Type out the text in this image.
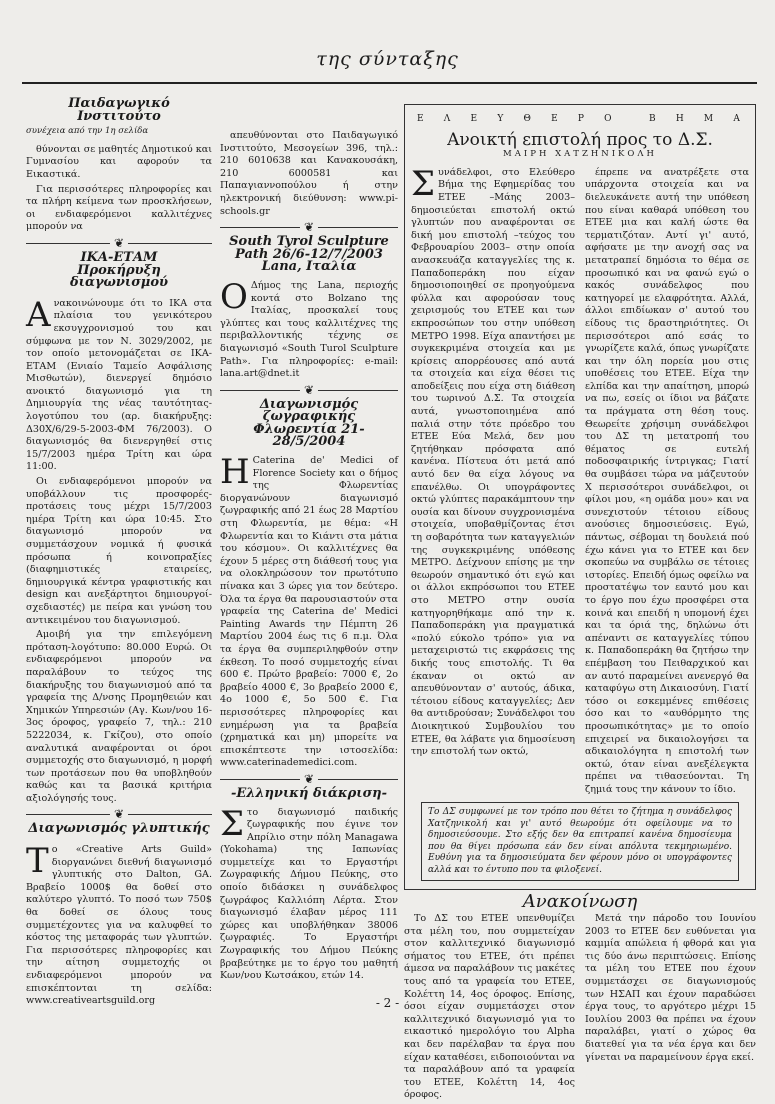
της σύνταξης
Παιδαγωγικό Ινστιτούτο
συνέχεια από την 1η σελίδα

θύνονται σε μαθητές Δημοτικού και Γυμνασίου και αφορούν τα Εικαστικά.

Για περισσότερες πληροφορίες και τα πλήρη κείμενα των προσκλήσεων, οι ενδιαφερόμενοι καλλιτέχνες μπορούν να

❦
ΙΚΑ-ΕΤΑΜ
Προκήρυξη διαγωνισμού

Ανακοινώνουμε ότι το ΙΚΑ στα πλαίσια του γενικότερου εκσυγχρονισμού του και σύμφωνα με τον Ν. 3029/2002, με τον οποίο μετονομάζεται σε ΙΚΑ-ΕΤΑΜ (Ενιαίο Ταμείο Ασφάλισης Μισθωτών), διενεργεί δημόσιο ανοικτό διαγωνισμό για τη Δημιουργία της νέας ταυτότητας-λογοτύπου του (αρ. διακήρυξης: Δ30Χ/6/29-5-2003-ΦΜ 76/2003). Ο διαγωνισμός θα διενεργηθεί στις 15/7/2003 ημέρα Τρίτη και ώρα 11:00.

Οι ενδιαφερόμενοι μπορούν να υποβάλλουν τις προσφορές-προτάσεις τους μέχρι 15/7/2003 ημέρα Τρίτη και ώρα 10:45. Στο διαγωνισμό μπορούν να συμμετάσχουν νομικά ή φυσικά πρόσωπα ή κοινοπραξίες (διαφημιστικές εταιρείες, δημιουργικά κέντρα γραφιστικής και design και ανεξάρτητοι δημιουργοί-σχεδιαστές) με πείρα και γνώση του αντικειμένου του διαγωνισμού.

Αμοιβή για την επιλεγόμενη πρόταση-λογότυπο: 80.000 Ευρώ. Οι ενδιαφερόμενοι μπορούν να παραλάβουν το τεύχος της διακήρυξης του διαγωνισμού από τα γραφεία της Δ/νσης Προμηθειών και Χημικών Υπηρεσιών (Αγ. Κων/νου 16-3ος όροφος, γραφείο 7, τηλ.: 210 5222034, κ. Γκίζου), στο οποίο αναλυτικά αναφέρονται οι όροι συμμετοχής στο διαγωνισμό, η μορφή των προτάσεων που θα υποβληθούν καθώς και τα βασικά κριτήρια αξιολόγησής τους.

❦
Διαγωνισμός γλυπτικής

Το «Creative Arts Guild» διοργανώνει διεθνή διαγωνισμό γλυπτικής στο Dalton, GA. Βραβείο 1000$ θα δοθεί στο καλύτερο γλυπτό. Το ποσό των 750$ θα δοθεί σε όλους τους συμμετέχοντες για να καλυφθεί το κόστος της μεταφοράς των γλυπτών. Για περισσότερες πληροφορίες και την αίτηση συμμετοχής οι ενδιαφερόμενοι μπορούν να επισκέπτονται τη σελίδα: www.creativeartsguild.org

απευθύνονται στο Παιδαγωγικό Ινστιτούτο, Μεσογείων 396, τηλ.: 210 6010638 και Κανακουσάκη, 210 6000581 και Παπαγιαννοπούλου ή στην ηλεκτρονική διεύθυνση: www.pi-schools.gr

❦
South Tyrol Sculpture Path 26/6-12/7/2003 Lana, Ιταλία

Ο Δήμος της Lana, περιοχής κοντά στο Bolzano της Ιταλίας, προσκαλεί τους γλύπτες και τους καλλιτέχνες της περιβαλλοντικής τέχνης σε διαγωνισμό «South Turol Sculpture Path». Για πληροφορίες: e-mail: lana.art@dnet.it

❦
Διαγωνισμός ζωγραφικής Φλωρεντία 21-28/5/2004

H Caterina de' Medici of Florence Society και ο δήμος της Φλωρεντίας διοργανώνουν διαγωνισμό ζωγραφικής από 21 έως 28 Μαρτίου στη Φλωρεντία, με θέμα: «Η Φλωρεντία και το Κιάντι στα μάτια του κόσμου». Οι καλλιτέχνες θα έχουν 5 μέρες στη διάθεσή τους για να ολοκληρώσουν τον πρωτότυπο πίνακα και 3 ώρες για τον δεύτερο. Όλα τα έργα θα παρουσιαστούν στα γραφεία της Caterina de' Medici Painting Awards την Πέμπτη 26 Μαρτίου 2004 έως τις 6 π.μ. Όλα τα έργα θα συμπεριληφθούν στην έκθεση. Το ποσό συμμετοχής είναι 600 €. Πρώτο βραβείο: 7000 €, 2ο βραβείο 4000 €, 3ο βραβείο 2000 €, 4ο 1000 €, 5ο 500 €. Για περισσότερες πληροφορίες και ενημέρωση για τα βραβεία (χρηματικά και μη) μπορείτε να επισκέπτεστε την ιστοσελίδα: www.caterinademedici.com.

❦
-Ελληνική διάκριση-

Στο διαγωνισμό παιδικής ζωγραφικής που έγινε τον Απρίλιο στην πόλη Managawa (Yokohama) της Ιαπωνίας συμμετείχε και το Εργαστήρι Ζωγραφικής Δήμου Πεύκης, στο οποίο διδάσκει η συνάδελφος ζωγράφος Καλλιόπη Λέρτα. Στον διαγωνισμό έλαβαν μέρος 111 χώρες και υποβλήθηκαν 38006 ζωγραφιές. Το Εργαστήρι Ζωγραφικής του Δήμου Πεύκης βραβεύτηκε με το έργο του μαθητή Κων/νου Κωτσάκου, ετών 14.

Ε Λ Ε Υ Θ Ε Ρ Ο	Β Η Μ Α
Ανοικτή επιστολή προς το Δ.Σ.
ΜΑΙΡΗ ΧΑΤΖΗΝΙΚΟΛΗ

Συνάδελφοι, στο Ελεύθερο Βήμα της Εφημερίδας του ΕΤΕΕ –Μάης 2003– δημοσιεύεται επιστολή οκτώ γλυπτών που αναφέρονται σε δική μου επιστολή –τεύχος του Φεβρουαρίου 2003– στην οποία ανασκευάζα καταγγελίες της κ. Παπαδοπεράκη που είχαν δημοσιοποιηθεί σε προηγούμενα φύλλα και αφορούσαν τους χειρισμούς του ΕΤΕΕ και των εκπροσώπων του στην υπόθεση ΜΕΤΡΟ 1998. Είχα απαντήσει με συγκεκριμένα στοιχεία και με κρίσεις απορρέουσες από αυτά τα στοιχεία και είχα θέσει τις αποδείξεις που είχα στη διάθεση του τωρινού Δ.Σ. Τα στοιχεία αυτά, γνωστοποιημένα από παλιά στην τότε πρόεδρο του ΕΤΕΕ Εύα Μελά, δεν μου ζητήθηκαν πρόσφατα από κανένα. Πίστευα ότι μετά από αυτό δεν θα είχα λόγους να επανέλθω. Οι υπογράφοντες οκτώ γλύπτες παρακάμπτουν την ουσία και δίνουν συγχρονισμένα στοιχεία, υποβαθμίζοντας έτσι τη σοβαρότητα των καταγγελιών της συγκεκριμένης υπόθεσης ΜΕΤΡΟ. Δείχνουν επίσης με την θεωρούν σημαντικό ότι εγώ και οι άλλοι εκπρόσωποι του ΕΤΕΕ στο ΜΕΤΡΟ στην ουσία κατηγορηθήκαμε από την κ. Παπαδοπεράκη για πραγματικά «πολύ εύκολο τρόπο» για να μεταχειριστώ τις εκφράσεις της δικής τους επιστολής. Τι θα έκαναν οι οκτώ αν απευθύνονταν σ' αυτούς, άδικα, τέτοιου είδους καταγγελίες; Δεν θα αντιδρούσαν; Συνάδελφοι του Διοικητικού Συμβουλίου του ΕΤΕΕ, θα λάβατε για δημοσίευση την επιστολή των οκτώ,

έπρεπε να ανατρέξετε στα υπάρχοντα στοιχεία και να διελευκάνετε αυτή την υπόθεση που είναι καθαρά υπόθεση του ΕΤΕΕ μια και καλή ώστε θα τερματιζόταν. Αντί γι' αυτό, αφήσατε με την ανοχή σας να μετατραπεί δημόσια το θέμα σε προσωπικό και να φανώ εγώ ο κακός συνάδελφος που κατηγορεί με ελαφρότητα. Αλλά, άλλοι επιδίωκαν σ' αυτού του είδους τις δραστηριότητες. Οι περισσότεροι από εσάς το γνωρίζετε καλά, όπως γνωρίζατε και την όλη πορεία μου στις υποθέσεις του ΕΤΕΕ. Είχα την ελπίδα και την απαίτηση, μπορώ να πω, εσείς οι ίδιοι να βάζατε τα πράγματα στη θέση τους. Θεωρείτε χρήσιμη συνάδελφοι του ΔΣ τη μετατροπή του θέματος σε ευτελή ποδοσφαιρικής ίντριγκας; Γιατί θα συμβάσει τώρα να μάζευτούν Χ περισσότεροι συνάδελφοι, οι φίλοι μου, «η ομάδα μου» και να συνεχιστούν τέτοιου είδους ανούσιες δημοσιεύσεις. Εγώ, πάντως, σέβομαι τη δουλειά πού έχω κάνει για το ΕΤΕΕ και δεν σκοπεύω να συμβάλω σε τέτοιες ιστορίες. Επειδή όμως οφείλω να προστατέψω τον εαυτό μου και το έργο που έχω προσφέρει στα κοινά και επειδή η υπομονή έχει και τα όριά της, δηλώνω ότι απέναντι σε καταγγελίες τύπου κ. Παπαδοπεράκη θα ζητήσω την επέμβαση του Πειθαρχικού και αν αυτό παραμείνει ανενεργό θα καταφύγω στη Δικαιοσύνη. Γιατί τόσο οι εσκεμμένες επιθέσεις όσο και το «αυθόρμητο της προσωπικότητας» με το οποίο επιχειρεί να δικαιολογήσει τα αδικαιολόγητα η επιστολή των οκτώ, όταν είναι ανεξέλεγκτα πρέπει να τιθασεύονται. Τη ζημιά τους την κάνουν το ίδιο.

Το ΔΣ συμφωνεί με τον τρόπο που θέτει το ζήτημα η συνάδελφος Χατζηνικολή και γι' αυτό θεωρούμε ότι οφείλουμε να το δημοσιεύσουμε. Στο εξής δεν θα επιτραπεί κανένα δημοσίευμα που θα θίγει πρόσωπα εάν δεν είναι απόλυτα τεκμηριωμένο. Ευθύνη για τα δημοσιεύματα δεν φέρουν μόνο οι υπογράφοντες αλλά και το έντυπο που τα φιλοξενεί.
Ανακοίνωση

Το ΔΣ του ΕΤΕΕ υπενθυμίζει στα μέλη του, που συμμετείχαν στον καλλιτεχνικό διαγωνισμό σήματος του ΕΤΕΕ, ότι πρέπει άμεσα να παραλάβουν τις μακέτες τους από τα γραφεία του ΕΤΕΕ, Κολέττη 14, 4ος όροφος. Επίσης, όσοι είχαν συμμετάσχει στον καλλιτεχνικό διαγωνισμό για το εικαστικό ημερολόγιο του Alpha και δεν παρέλαβαν τα έργα που είχαν καταθέσει, ειδοποιούνται να τα παραλάβουν από τα γραφεία του ΕΤΕΕ, Κολέττη 14, 4ος όροφος.

Μετά την πάροδο του Ιουνίου 2003 το ΕΤΕΕ δεν ευθύνεται για καμμία απώλεια ή φθορά και για τις δύο άνω περιπτώσεις. Επίσης τα μέλη του ΕΤΕΕ που έχουν συμμετάσχει σε διαγωνισμούς των ΗΣΑΠ και έχουν παραδώσει έργα τους, το αργότερο μέχρι 15 Ιουλίου 2003 θα πρέπει να έχουν παραλάβει, γιατί ο χώρος θα διατεθεί για τα νέα έργα και δεν γίνεται να παραμείνουν έργα εκεί.

- 2 -
